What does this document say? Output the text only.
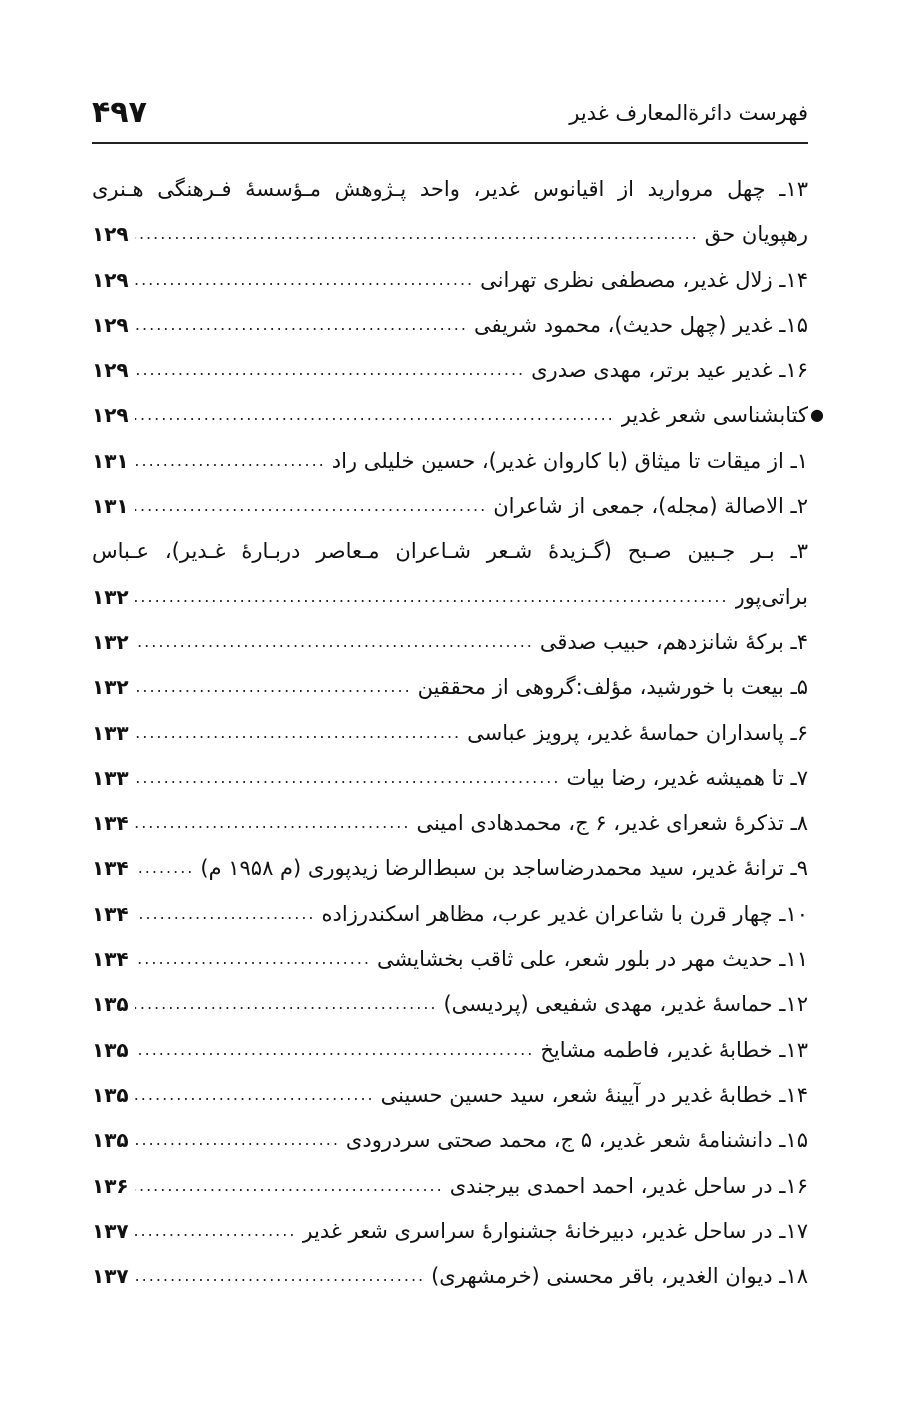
فهرست دائرةالمعارف غدیر
۴۹۷
۱۳ـ چهل مروارید از اقیانوس غدیر، واحد پـژوهش مـؤسسهٔ فـرهنگی هـنری
رهپویان حق
.....
۱۲۹
۱۴ـ زلال غدیر، مصطفی نظری تهرانی
.....
۱۲۹
۱۵ـ غدیر (چهل حدیث)، محمود شریفی
.....
۱۲۹
۱۶ـ غدیر عید برتر، مهدی صدری
.....
۱۲۹
●
کتابشناسی شعر غدیر
.....
۱۲۹
۱ـ از میقات تا میثاق (با کاروان غدیر)، حسین خلیلی راد
.....
۱۳۱
۲ـ الاصالة (مجله)، جمعی از شاعران
.....
۱۳۱
۳ـ بـر جـبین صـبح (گـزیدهٔ شـعر شـاعران مـعاصر دربـارهٔ غـدیر)، عـباس
براتی‌پور
.....
۱۳۲
۴ـ برکهٔ شانزدهم، حبیب صدقی
.....
۱۳۲
۵ـ بیعت با خورشید، مؤلف:گروهی از محققین
.....
۱۳۲
۶ـ پاسداران حماسهٔ غدیر، پرویز عباسی
.....
۱۳۳
۷ـ تا همیشه غدیر، رضا بیات
.....
۱۳۳
۸ـ تذکرهٔ شعرای غدیر، ۶ ج، محمدهادی امینی
.....
۱۳۴
۹ـ ترانهٔ غدیر، سید محمدرضاساجد بن سبط‌الرضا زیدپوری (م ۱۹۵۸ م)
.....
۱۳۴
۱۰ـ چهار قرن با شاعران غدیر عرب، مظاهر اسکندرزاده
.....
۱۳۴
۱۱ـ حدیث مهر در بلور شعر، علی ثاقب بخشایشی
.....
۱۳۴
۱۲ـ حماسهٔ غدیر، مهدی شفیعی (پردیسی)
.....
۱۳۵
۱۳ـ خطابهٔ غدیر، فاطمه مشایخ
.....
۱۳۵
۱۴ـ خطابهٔ غدیر در آیینهٔ شعر، سید حسین حسینی
.....
۱۳۵
۱۵ـ دانشنامهٔ شعر غدیر، ۵ ج، محمد صحتی سردرودی
.....
۱۳۵
۱۶ـ در ساحل غدیر، احمد احمدی بیرجندی
.....
۱۳۶
۱۷ـ در ساحل غدیر، دبیرخانهٔ جشنوارهٔ سراسری شعر غدیر
.....
۱۳۷
۱۸ـ دیوان الغدیر، باقر محسنی (خرمشهری)
.....
۱۳۷
